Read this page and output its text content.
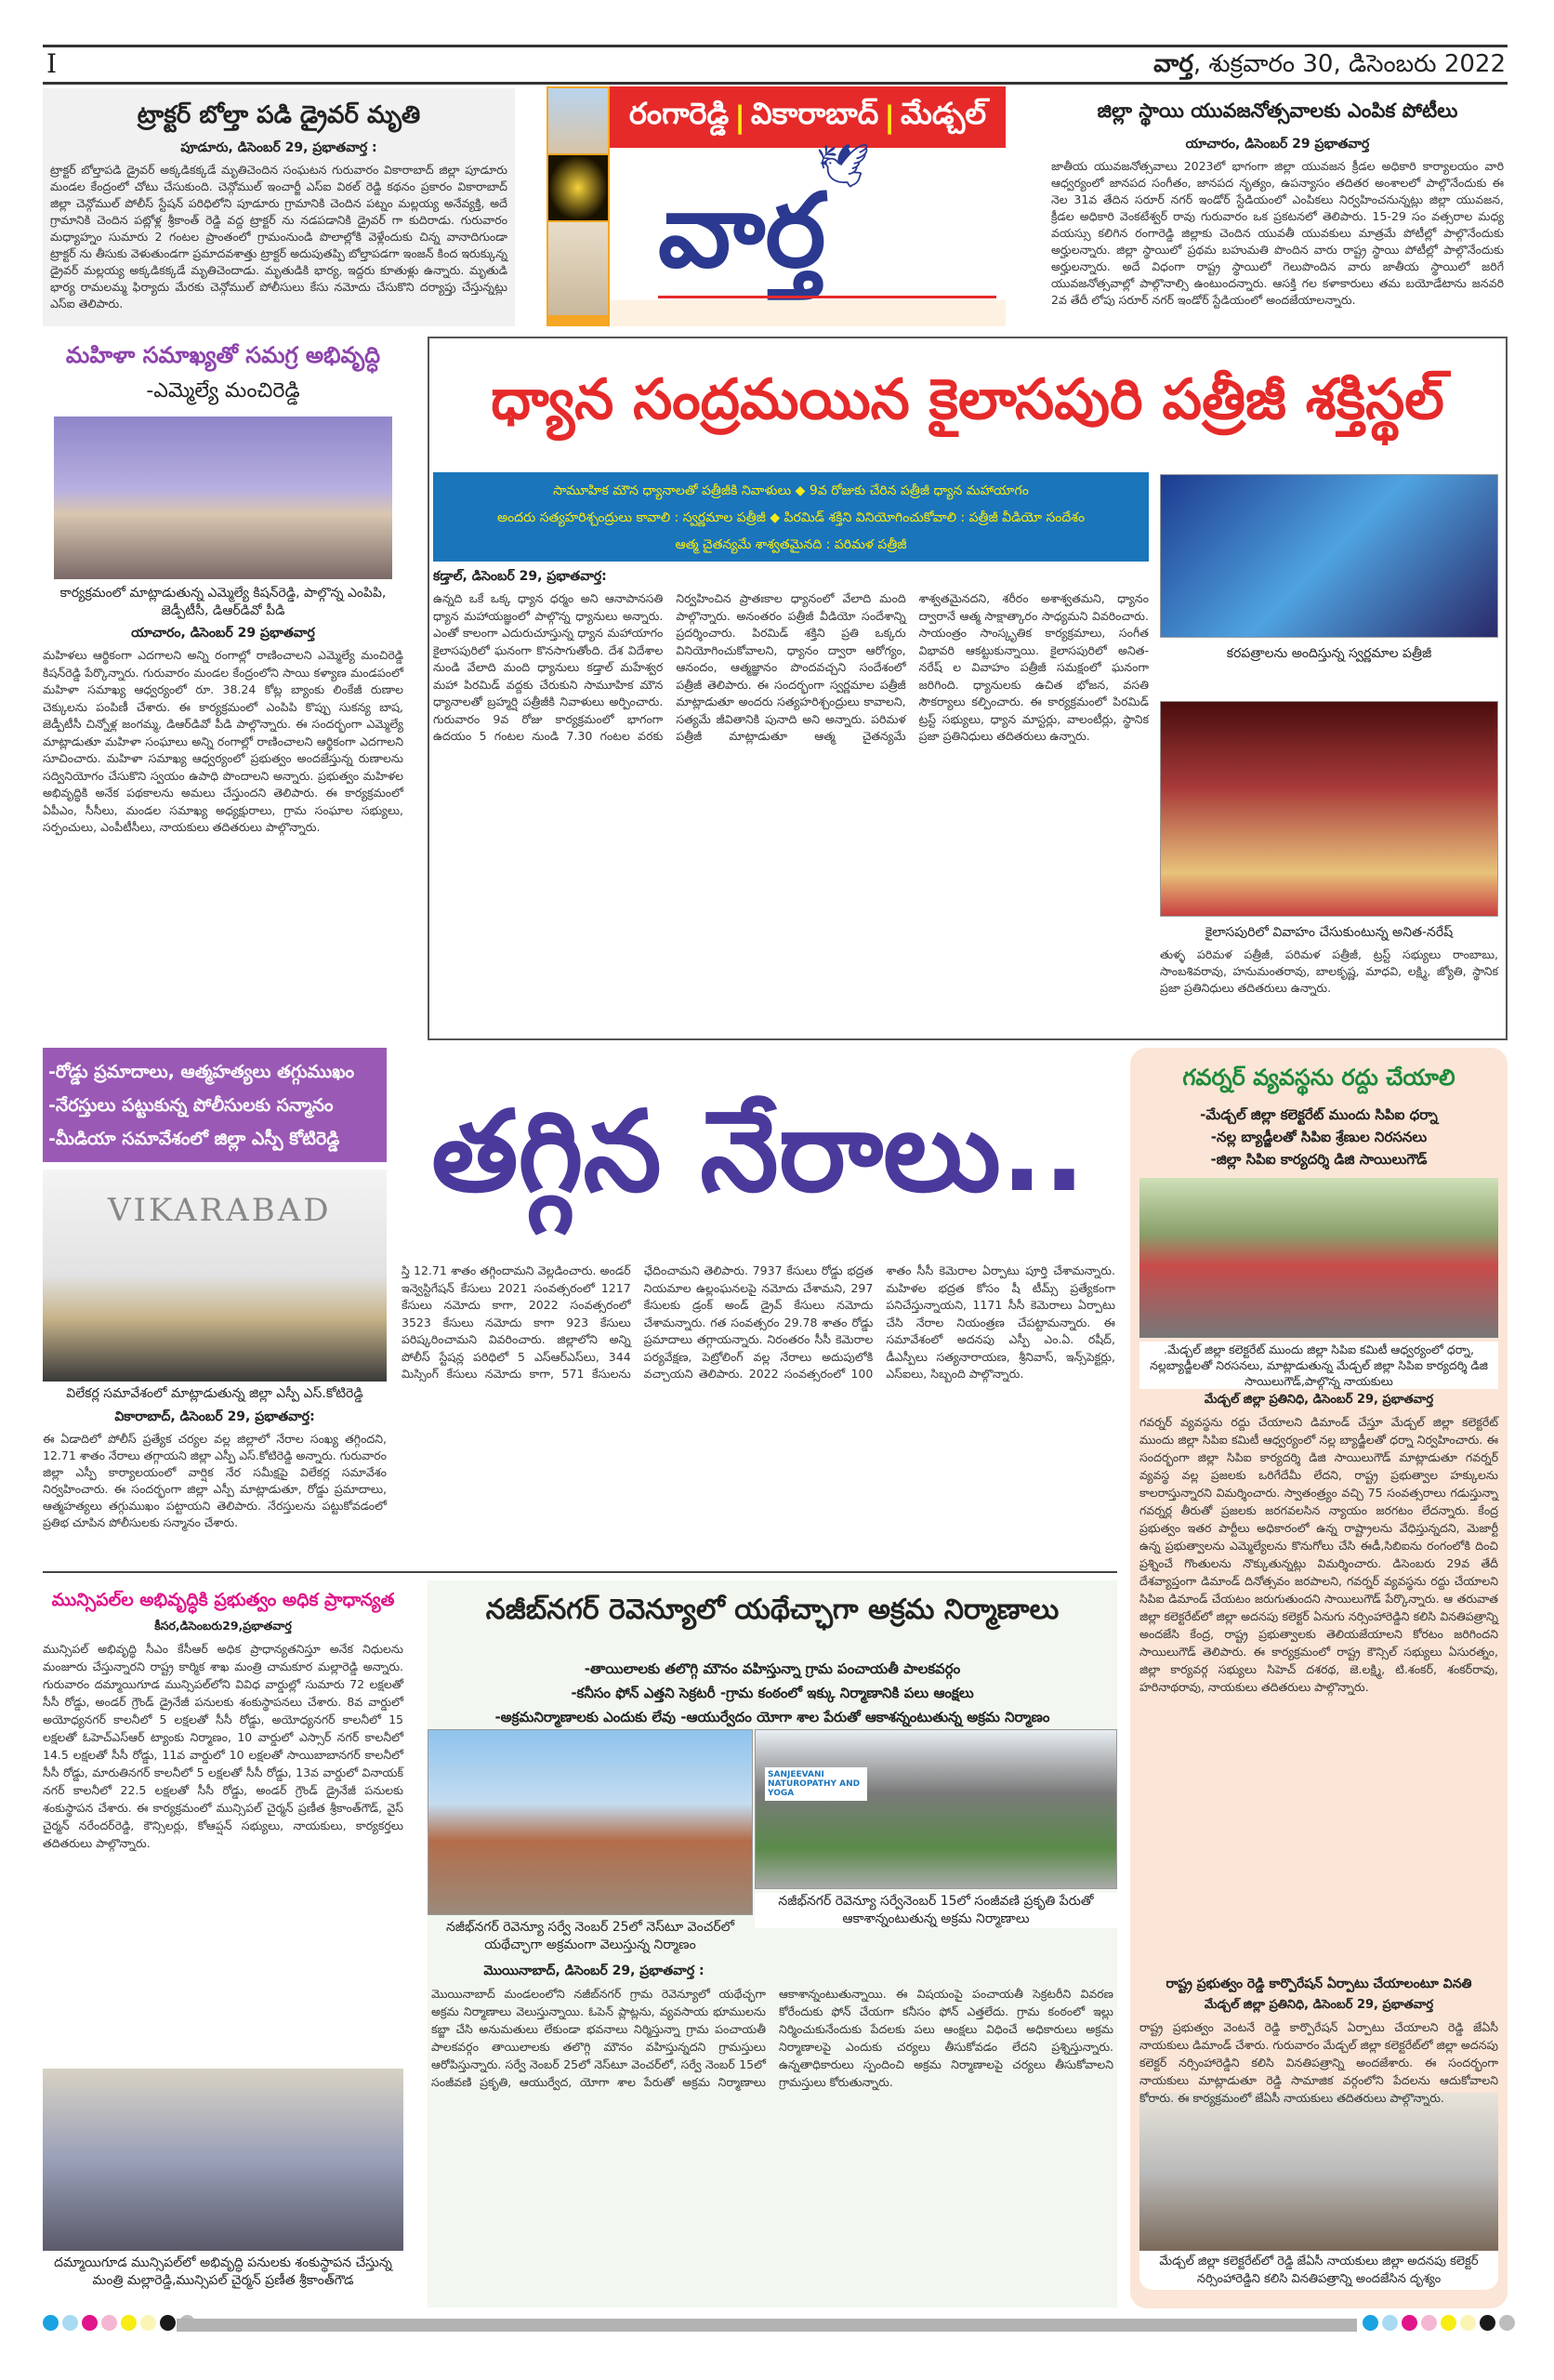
I	వార్త, శుక్రవారం 30, డిసెంబరు 2022
ట్రాక్టర్ బోల్తా పడి డ్రైవర్ మృతి
పూడూరు, డిసెంబర్ 29, ప్రభాతవార్త :
ట్రాక్టర్ బోల్తాపడి డ్రైవర్ అక్కడికక్కడే మృతిచెందిన సంఘటన గురువారం వికారాబాద్ జిల్లా పూడూరు మండల కేంద్రంలో చోటు చేసుకుంది. చెన్గోముల్ ఇంచార్జీ ఎస్ఐ విఠల్ రెడ్డి కథనం ప్రకారం వికారాబాద్ జిల్లా చెన్గోముల్ పోలీస్ స్టేషన్ పరిధిలోని పూడూరు గ్రామానికి చెందిన పట్నం మల్లయ్య అనేవ్యక్తి, అదే గ్రామానికి చెందిన పట్లోళ్ల శ్రీకాంత్ రెడ్డి వద్ద ట్రాక్టర్ ను నడపడానికి డ్రైవర్ గా కుదిరాడు. గురువారం మధ్యాహ్నం సుమారు 2 గంటల ప్రాంతంలో గ్రామంనుండి పొలాల్లోకి వెళ్లేందుకు చిన్న వానాదిగుండా ట్రాక్టర్ ను తీసుకు వెళుతుండగా ప్రమాదవశాత్తు ట్రాక్టర్ అదుపుతప్పి బోల్తాపడగా ఇంజన్ కింద ఇరుక్కున్న డ్రైవర్ మల్లయ్య అక్కడికక్కడే మృతిచెందాడు. మృతుడికి భార్య, ఇద్దరు కూతుళ్లు ఉన్నారు. మృతుడి భార్య రామలమ్మ ఫిర్యాదు మేరకు చెన్గోముల్ పోలీసులు కేసు నమోదు చేసుకొని దర్యాప్తు చేస్తున్నట్లు ఎస్ఐ తెలిపారు.
రంగారెడ్డి | వికారాబాద్ | మేడ్చల్
🕊
వార్త
జిల్లా స్థాయి యువజనోత్సవాలకు ఎంపిక పోటీలు
యాచారం, డిసెంబర్ 29 ప్రభాతవార్త
జాతీయ యువజనోత్సవాలు 2023లో భాగంగా జిల్లా యువజన క్రీడల అధికారి కార్యాలయం వారి ఆధ్వర్యంలో జానపద సంగీతం, జానపద నృత్యం, ఉపన్యాసం తదితర అంశాలలో పాల్గొనేందుకు ఈ నెల 31వ తేదిన సరూర్ నగర్ ఇండోర్ స్టేడియంలో ఎంపికలు నిర్వహించనున్నట్లు జిల్లా యువజన, క్రీడల అధికారి వెంకటేశ్వర్ రావు గురువారం ఒక ప్రకటనలో తెలిపారు. 15-29 సం వత్సరాల మధ్య వయస్సు కలిగిన రంగారెడ్డి జిల్లాకు చెందిన యువతీ యువకులు మాత్రమే పోటీల్లో పాల్గొనేందుకు అర్హులన్నారు. జిల్లా స్థాయిలో ప్రథమ బహుమతి పొందిన వారు రాష్ట్ర స్థాయి పోటీల్లో పాల్గొనేందుకు అర్హులన్నారు. అదే విధంగా రాష్ట్ర స్థాయిలో గెలుపొందిన వారు జాతీయ స్థాయిలో జరిగే యువజనోత్సవాల్లో పాల్గొనాల్సి ఉంటుందన్నారు. ఆసక్తి గల కళాకారులు తమ బయోడేటాను జనవరి 2వ తేదీ లోపు సరూర్ నగర్ ఇండోర్ స్టేడియంలో అందజేయాలన్నారు.
మహిళా సమాఖ్యతో సమగ్ర అభివృద్ధి
-ఎమ్మెల్యే మంచిరెడ్డి
కార్యక్రమంలో మాట్లాడుతున్న ఎమ్మెల్యే కిషన్‌రెడ్డి, పాల్గొన్న ఎంపిపి, జెడ్పీటీసీ, డిఆర్‌డివో పీడి
యాచారం, డిసెంబర్ 29 ప్రభాతవార్త
మహిళలు ఆర్థికంగా ఎదగాలని అన్ని రంగాల్లో రాణించాలని ఎమ్మెల్యే మంచిరెడ్డి కిషన్‌రెడ్డి పేర్కొన్నారు. గురువారం మండల కేంద్రంలోని సాయి కళ్యాణ మండపంలో మహిళా సమాఖ్య ఆధ్వర్యంలో రూ. 38.24 కోట్ల బ్యాంకు లింకేజీ రుణాల చెక్కులను పంపిణీ చేశారు. ఈ కార్యక్రమంలో ఎంపిపి కొప్పు సుకన్య బాష, జెడ్పీటీసీ చిన్నోళ్ల జంగమ్మ, డిఆర్‌డివో పీడి పాల్గొన్నారు. ఈ సందర్భంగా ఎమ్మెల్యే మాట్లాడుతూ మహిళా సంఘాలు అన్ని రంగాల్లో రాణించాలని ఆర్థికంగా ఎదగాలని సూచించారు. మహిళా సమాఖ్య ఆధ్వర్యంలో ప్రభుత్వం అందజేస్తున్న రుణాలను సద్వినియోగం చేసుకొని స్వయం ఉపాధి పొందాలని అన్నారు. ప్రభుత్వం మహిళల అభివృద్ధికి అనేక పథకాలను అమలు చేస్తుందని తెలిపారు. ఈ కార్యక్రమంలో ఏపీఎం, సీసీలు, మండల సమాఖ్య అధ్యక్షురాలు, గ్రామ సంఘాల సభ్యులు, సర్పంచులు, ఎంపీటీసీలు, నాయకులు తదితరులు పాల్గొన్నారు.
ధ్యాన సంద్రమయిన కైలాసపురి పత్రీజీ శక్తిస్థల్
సామూహిక మౌన ధ్యానాలతో పత్రీజీకి నివాళులు ◆ 9వ రోజుకు చేరిన పత్రీజీ ధ్యాన మహాయాగం
అందరు సత్యహరిశ్చంద్రులు కావాలి : స్వర్ణమాల పత్రీజీ ◆ పిరమిడ్ శక్తిని వినియోగించుకోవాలి : పత్రీజీ వీడియో సందేశం
ఆత్మ చైతన్యమే శాశ్వతమైనది : పరిమళ పత్రీజీ
కడ్తాల్, డిసెంబర్ 29, ప్రభాతవార్త:
ఉన్నది ఒకే ఒక్క ధ్యాన ధర్మం అని ఆనాపానసతి ధ్యాన మహాయజ్ఞంలో పాల్గొన్న ధ్యానులు అన్నారు. ఎంతో కాలంగా ఎదురుచూస్తున్న ధ్యాన మహాయాగం కైలాసపురిలో ఘనంగా కొనసాగుతోంది. దేశ విదేశాల నుండి వేలాది మంది ధ్యానులు కడ్తాల్ మహేశ్వర మహా పిరమిడ్ వద్దకు చేరుకుని సామూహిక మౌన ధ్యానాలతో బ్రహ్మర్షి పత్రీజీకి నివాళులు అర్పించారు. గురువారం 9వ రోజు కార్యక్రమంలో భాగంగా ఉదయం 5 గంటల నుండి 7.30 గంటల వరకు నిర్వహించిన ప్రాతఃకాల ధ్యానంలో వేలాది మంది పాల్గొన్నారు. అనంతరం పత్రీజీ వీడియో సందేశాన్ని ప్రదర్శించారు. పిరమిడ్ శక్తిని ప్రతి ఒక్కరు వినియోగించుకోవాలని, ధ్యానం ద్వారా ఆరోగ్యం, ఆనందం, ఆత్మజ్ఞానం పొందవచ్చని సందేశంలో పత్రీజీ తెలిపారు. ఈ సందర్భంగా స్వర్ణమాల పత్రీజీ మాట్లాడుతూ అందరు సత్యహరిశ్చంద్రులు కావాలని, సత్యమే జీవితానికి పునాది అని అన్నారు. పరిమళ పత్రీజీ మాట్లాడుతూ ఆత్మ చైతన్యమే శాశ్వతమైనదని, శరీరం అశాశ్వతమని, ధ్యానం ద్వారానే ఆత్మ సాక్షాత్కారం సాధ్యమని వివరించారు. సాయంత్రం సాంస్కృతిక కార్యక్రమాలు, సంగీత విభావరి ఆకట్టుకున్నాయి. కైలాసపురిలో అనిత-నరేష్ ల వివాహం పత్రీజీ సమక్షంలో ఘనంగా జరిగింది. ధ్యానులకు ఉచిత భోజన, వసతి సౌకర్యాలు కల్పించారు. ఈ కార్యక్రమంలో పిరమిడ్ ట్రస్ట్ సభ్యులు, ధ్యాన మాస్టర్లు, వాలంటీర్లు, స్థానిక ప్రజా ప్రతినిధులు తదితరులు ఉన్నారు.
కరపత్రాలను అందిస్తున్న స్వర్ణమాల పత్రీజీ
కైలాసపురిలో వివాహం చేసుకుంటున్న అనిత-నరేష్
తుళ్ళ పరిమళ పత్రీజీ, పరిమళ పత్రీజీ, ట్రస్ట్ సభ్యులు రాంబాబు, సాంబశివరావు, హనుమంతరావు, బాలకృష్ణ, మాధవి, లక్ష్మి, జ్యోతి, స్థానిక ప్రజా ప్రతినిధులు తదితరులు ఉన్నారు.
-రోడ్డు ప్రమాదాలు, ఆత్మహత్యలు తగ్గుముఖం
-నేరస్తులు పట్టుకున్న పోలీసులకు సన్మానం
-మీడియా సమావేశంలో జిల్లా ఎస్పీ కోటిరెడ్డి
VIKARABAD
విలేకర్ల సమావేశంలో మాట్లాడుతున్న జిల్లా ఎస్పీ ఎస్.కోటిరెడ్డి
వికారాబాద్, డిసెంబర్ 29, ప్రభాతవార్త:
ఈ ఏడాదిలో పోలీస్ ప్రత్యేక చర్యల వల్ల జిల్లాలో నేరాల సంఖ్య తగ్గిందని, 12.71 శాతం నేరాలు తగ్గాయని జిల్లా ఎస్పీ ఎస్.కోటిరెడ్డి అన్నారు. గురువారం జిల్లా ఎస్పీ కార్యాలయంలో వార్షిక నేర సమీక్షపై విలేకర్ల సమావేశం నిర్వహించారు. ఈ సందర్భంగా జిల్లా ఎస్పీ మాట్లాడుతూ, రోడ్డు ప్రమాదాలు, ఆత్మహత్యలు తగ్గుముఖం పట్టాయని తెలిపారు. నేరస్తులను పట్టుకోవడంలో ప్రతిభ చూపిన పోలీసులకు సన్మానం చేశారు.
తగ్గిన నేరాలు..
స్తి 12.71 శాతం తగ్గిందామని వెల్లడించారు. అండర్ ఇన్వెస్టిగేషన్ కేసులు 2021 సంవత్సరంలో 1217 కేసులు నమోదు కాగా, 2022 సంవత్సరంలో 3523 కేసులు నమోదు కాగా 923 కేసులు పరిష్కరించామని వివరించారు. జిల్లాలోని అన్ని పోలీస్ స్టేషన్ల పరిధిలో 5 ఎస్ఆర్‌ఎస్‌లు, 344 మిస్సింగ్ కేసులు నమోదు కాగా, 571 కేసులను ఛేదించామని తెలిపారు. 7937 కేసులు రోడ్డు భద్రత నియమాల ఉల్లంఘనలపై నమోదు చేశామని, 297 కేసులకు డ్రంక్ అండ్ డ్రైవ్ కేసులు నమోదు చేశామన్నారు. గత సంవత్సరం 29.78 శాతం రోడ్డు ప్రమాదాలు తగ్గాయన్నారు. నిరంతరం సీసీ కెమెరాల పర్యవేక్షణ, పెట్రోలింగ్ వల్ల నేరాలు అదుపులోకి వచ్చాయని తెలిపారు. 2022 సంవత్సరంలో 100 శాతం సీసీ కెమెరాల ఏర్పాటు పూర్తి చేశామన్నారు. మహిళల భద్రత కోసం షీ టీమ్స్ ప్రత్యేకంగా పనిచేస్తున్నాయని, 1171 సీసీ కెమెరాలు ఏర్పాటు చేసి నేరాల నియంత్రణ చేపట్టామన్నారు. ఈ సమావేశంలో అదనపు ఎస్పీ ఎం.ఏ. రషీద్, డీఎస్పీలు సత్యనారాయణ, శ్రీనివాస్, ఇన్స్‌పెక్టర్లు, ఎస్ఐలు, సిబ్బంది పాల్గొన్నారు.
గవర్నర్ వ్యవస్థను రద్దు చేయాలి
-మేడ్చల్ జిల్లా కలెక్టరేట్ ముందు సిపిఐ ధర్నా
-నల్ల బ్యాడ్జీలతో సిపిఐ శ్రేణుల నిరసనలు
-జిల్లా సిపిఐ కార్యదర్శి డిజి సాయిలుగౌడ్
.మేడ్చల్ జిల్లా కలెక్టరేట్ ముందు జిల్లా సిపిఐ కమిటీ ఆధ్వర్యంలో ధర్నా, నల్లబ్యాడ్జీలతో నిరసనలు, మాట్లాడుతున్న మేడ్చల్ జిల్లా సిపిఐ కార్యదర్శి డిజి సాయిలుగౌడ్,పాల్గొన్న నాయకులు
మేడ్చల్ జిల్లా ప్రతినిధి, డిసెంబర్ 29, ప్రభాతవార్త
గవర్నర్ వ్యవస్థను రద్దు చేయాలని డిమాండ్ చేస్తూ మేడ్చల్ జిల్లా కలెక్టరేట్ ముందు జిల్లా సిపిఐ కమిటీ ఆధ్వర్యంలో నల్ల బ్యాడ్జీలతో ధర్నా నిర్వహించారు. ఈ సందర్భంగా జిల్లా సిపిఐ కార్యదర్శి డిజి సాయిలుగౌడ్ మాట్లాడుతూ గవర్నర్ వ్యవస్థ వల్ల ప్రజలకు ఒరిగేదేమీ లేదని, రాష్ట్ర ప్రభుత్వాల హక్కులను కాలరాస్తున్నారని విమర్శించారు. స్వాతంత్ర్యం వచ్చి 75 సంవత్సరాలు గడుస్తున్నా గవర్నర్ల తీరుతో ప్రజలకు జరగవలసిన న్యాయం జరగటం లేదన్నారు. కేంద్ర ప్రభుత్వం ఇతర పార్టీలు అధికారంలో ఉన్న రాష్ట్రాలను వేధిస్తున్నదని, మెజార్టీ ఉన్న ప్రభుత్వాలను ఎమ్మెల్యేలను కొనుగోలు చేసి ఈడీ,సిబిఐను రంగంలోకి దించి ప్రశ్నించే గొంతులను నొక్కుతున్నట్లు విమర్శించారు. డిసెంబరు 29వ తేదీ దేశవ్యాప్తంగా డిమాండ్ దినోత్సవం జరపాలని, గవర్నర్ వ్యవస్థను రద్దు చేయాలని సిపిఐ డిమాండ్ చేయటం జరుగుతుందని సాయిలుగౌడ్ పేర్కొన్నారు. ఆ తరువాత జిల్లా కలెక్టరేట్‌లో జిల్లా అదనపు కలెక్టర్ ఏనుగు నర్సింహారెడ్డిని కలిసి వినతిపత్రాన్ని అందజేసి కేంద్ర, రాష్ట్ర ప్రభుత్వాలకు తెలియజేయాలని కోరటం జరిగిందని సాయిలుగౌడ్ తెలిపారు. ఈ కార్యక్రమంలో రాష్ట్ర కౌన్సిల్ సభ్యులు ఏసురత్నం, జిల్లా కార్యవర్గ సభ్యులు సిహెచ్ దశరథ, జె.లక్ష్మి, టి.శంకర్, శంకర్‌రావు, హరినాథరావు, నాయకులు తదితరులు పాల్గొన్నారు.
రాష్ట్ర ప్రభుత్వం రెడ్డి కార్పొరేషన్ ఏర్పాటు చేయాలంటూ వినతి
మేడ్చల్ జిల్లా ప్రతినిధి, డిసెంబర్ 29, ప్రభాతవార్త
రాష్ట్ర ప్రభుత్వం వెంటనే రెడ్డి కార్పొరేషన్ ఏర్పాటు చేయాలని రెడ్డి జేఏసీ నాయకులు డిమాండ్ చేశారు. గురువారం మేడ్చల్ జిల్లా కలెక్టరేట్‌లో జిల్లా అదనపు కలెక్టర్ నర్సింహారెడ్డిని కలిసి వినతిపత్రాన్ని అందజేశారు. ఈ సందర్భంగా నాయకులు మాట్లాడుతూ రెడ్డి సామాజిక వర్గంలోని పేదలను ఆదుకోవాలని కోరారు. ఈ కార్యక్రమంలో జేఏసీ నాయకులు తదితరులు పాల్గొన్నారు.
మేడ్చల్ జిల్లా కలెక్టరేట్‌లో రెడ్డి జేఏసీ నాయకులు జిల్లా అదనపు కలెక్టర్ నర్సింహారెడ్డిని కలిసి వినతిపత్రాన్ని అందజేసిన దృశ్యం
మున్సిపల్‌ల అభివృద్ధికి ప్రభుత్వం అధిక ప్రాధాన్యత
కీసర,డిసెంబరు29,ప్రభాతవార్త
మున్సిపల్ అభివృద్ధి సీఎం కేసీఆర్ అధిక ప్రాధాన్యతనిస్తూ అనేక నిధులను మంజూరు చేస్తున్నారని రాష్ట్ర కార్మిక శాఖ మంత్రి చామకూర మల్లారెడ్డి అన్నారు. గురువారం దమ్మాయిగూడ మున్సిపల్‌లోని వివిధ వార్డుల్లో సుమారు 72 లక్షలతో సీసీ రోడ్డు, అండర్ గ్రౌండ్ డ్రైనేజీ పనులకు శంకుస్థాపనలు చేశారు. 8వ వార్డులో అయోధ్యనగర్ కాలనీలో 5 లక్షలతో సీసీ రోడ్డు, అయోధ్యనగర్ కాలనీలో 15 లక్షలతో ఓహెచ్ఎస్ఆర్ ట్యాంకు నిర్మాణం, 10 వార్డులో ఎస్సార్ నగర్ కాలనీలో 14.5 లక్షలతో సీసీ రోడ్డు, 11వ వార్డులో 10 లక్షలతో సాయిబాబానగర్ కాలనీలో సీసీ రోడ్డు, మారుతినగర్ కాలనీలో 5 లక్షలతో సీసీ రోడ్డు, 13వ వార్డులో వినాయక్ నగర్ కాలనీలో 22.5 లక్షలతో సీసీ రోడ్డు, అండర్ గ్రౌండ్ డ్రైనేజీ పనులకు శంకుస్థాపన చేశారు. ఈ కార్యక్రమంలో మున్సిపల్ చైర్మన్ ప్రణీత శ్రీకాంత్‌గౌడ్, వైస్ చైర్మన్ నరేందర్‌రెడ్డి, కౌన్సిలర్లు, కోఆప్షన్ సభ్యులు, నాయకులు, కార్యకర్తలు తదితరులు పాల్గొన్నారు.
దమ్మాయిగూడ మున్సిపల్‌లో అభివృద్ధి పనులకు శంకుస్థాపన చేస్తున్న మంత్రి మల్లారెడ్డి,మున్సిపల్ చైర్మన్ ప్రణీత శ్రీకాంత్‌గౌడ
నజీబ్‌నగర్ రెవెన్యూలో యథేచ్ఛాగా అక్రమ నిర్మాణాలు
-తాయిలాలకు తలొగ్గి మౌనం వహిస్తున్నా గ్రామ పంచాయతీ పాలకవర్గం
-కనీసం ఫోన్ ఎత్తని సెక్రటరీ -గ్రామ కంఠంలో ఇక్కు నిర్మాణానికి పలు ఆంక్షలు
-అక్రమనిర్మాణాలకు ఎందుకు లేవు -ఆయుర్వేదం యోగా శాల పేరుతో ఆకాశన్నంటుతున్న అక్రమ నిర్మాణం
SANJEEVANI NATUROPATHY AND YOGA
నజీభ్‌నగర్ రెవెన్యూ సర్వే నెంబర్ 25లో నెస్‌టూ వెంచర్‌లో యథేచ్ఛాగా అక్రమంగా వెలుస్తున్న నిర్మాణం
నజీభ్‌నగర్ రెవెన్యూ సర్వేనెంబర్ 15లో సంజీవణి ప్రకృతి పేరుతో ఆకాశాన్నంటుతున్న అక్రమ నిర్మాణాలు
మొయినాబాద్, డిసెంబర్ 29, ప్రభాతవార్త :
మొయినాబాద్ మండలంలోని నజీబ్‌నగర్ గ్రామ రెవెన్యూలో యథేచ్ఛగా అక్రమ నిర్మాణాలు వెలుస్తున్నాయి. ఓపెన్ ప్లాట్లను, వ్యవసాయ భూములను కబ్జా చేసి అనుమతులు లేకుండా భవనాలు నిర్మిస్తున్నా గ్రామ పంచాయతీ పాలకవర్గం తాయిలాలకు తలొగ్గి మౌనం వహిస్తున్నదని గ్రామస్తులు ఆరోపిస్తున్నారు. సర్వే నెంబర్ 25లో నెస్‌టూ వెంచర్‌లో, సర్వే నెంబర్ 15లో సంజీవణి ప్రకృతి, ఆయుర్వేద, యోగా శాల పేరుతో అక్రమ నిర్మాణాలు ఆకాశాన్నంటుతున్నాయి. ఈ విషయంపై పంచాయతీ సెక్రటరీని వివరణ కోరేందుకు ఫోన్ చేయగా కనీసం ఫోన్ ఎత్తలేదు. గ్రామ కంఠంలో ఇల్లు నిర్మించుకునేందుకు పేదలకు పలు ఆంక్షలు విధించే అధికారులు అక్రమ నిర్మాణాలపై ఎందుకు చర్యలు తీసుకోవడం లేదని ప్రశ్నిస్తున్నారు. ఉన్నతాధికారులు స్పందించి అక్రమ నిర్మాణాలపై చర్యలు తీసుకోవాలని గ్రామస్తులు కోరుతున్నారు.
